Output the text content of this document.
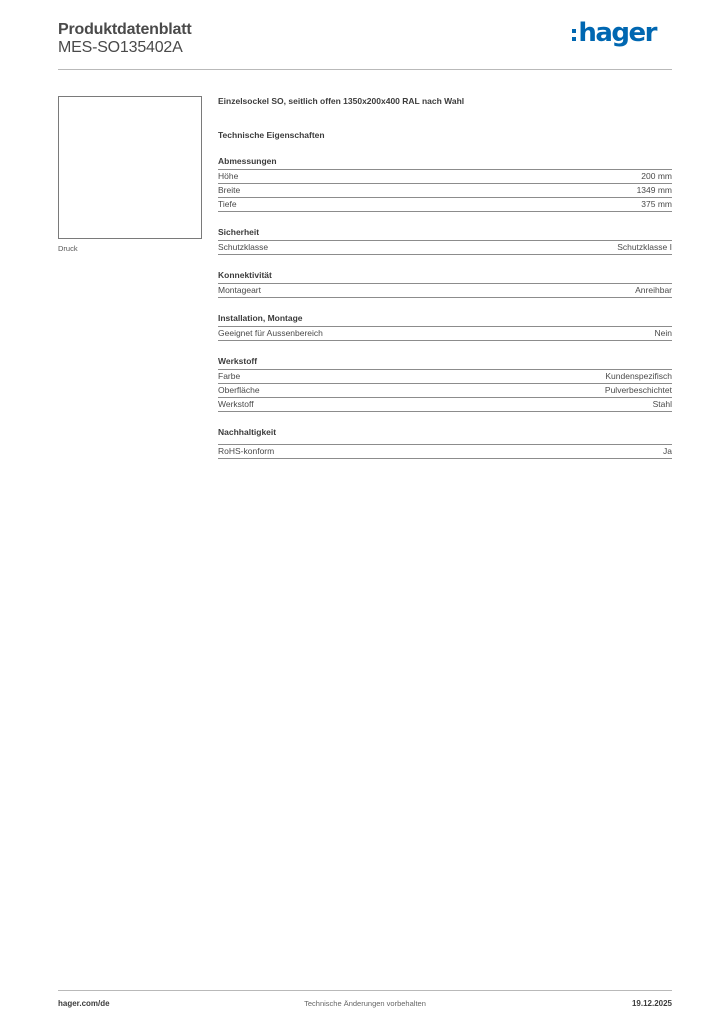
Produktdatenblatt
MES-SO135402A	hager
Druck
Einzelsockel SO, seitlich offen 1350x200x400 RAL nach Wahl
Technische Eigenschaften
Abmessungen
Höhe	200 mm
Breite	1349 mm
Tiefe	375 mm
Sicherheit
Schutzklasse	Schutzklasse I
Konnektivität
Montageart	Anreihbar
Installation, Montage
Geeignet für Aussenbereich	Nein
Werkstoff
Farbe	Kundenspezifisch
Oberfläche	Pulverbeschichtet
Werkstoff	Stahl
Nachhaltigkeit
RoHS-konform	Ja
hager.com/de	Technische Änderungen vorbehalten	19.12.2025
